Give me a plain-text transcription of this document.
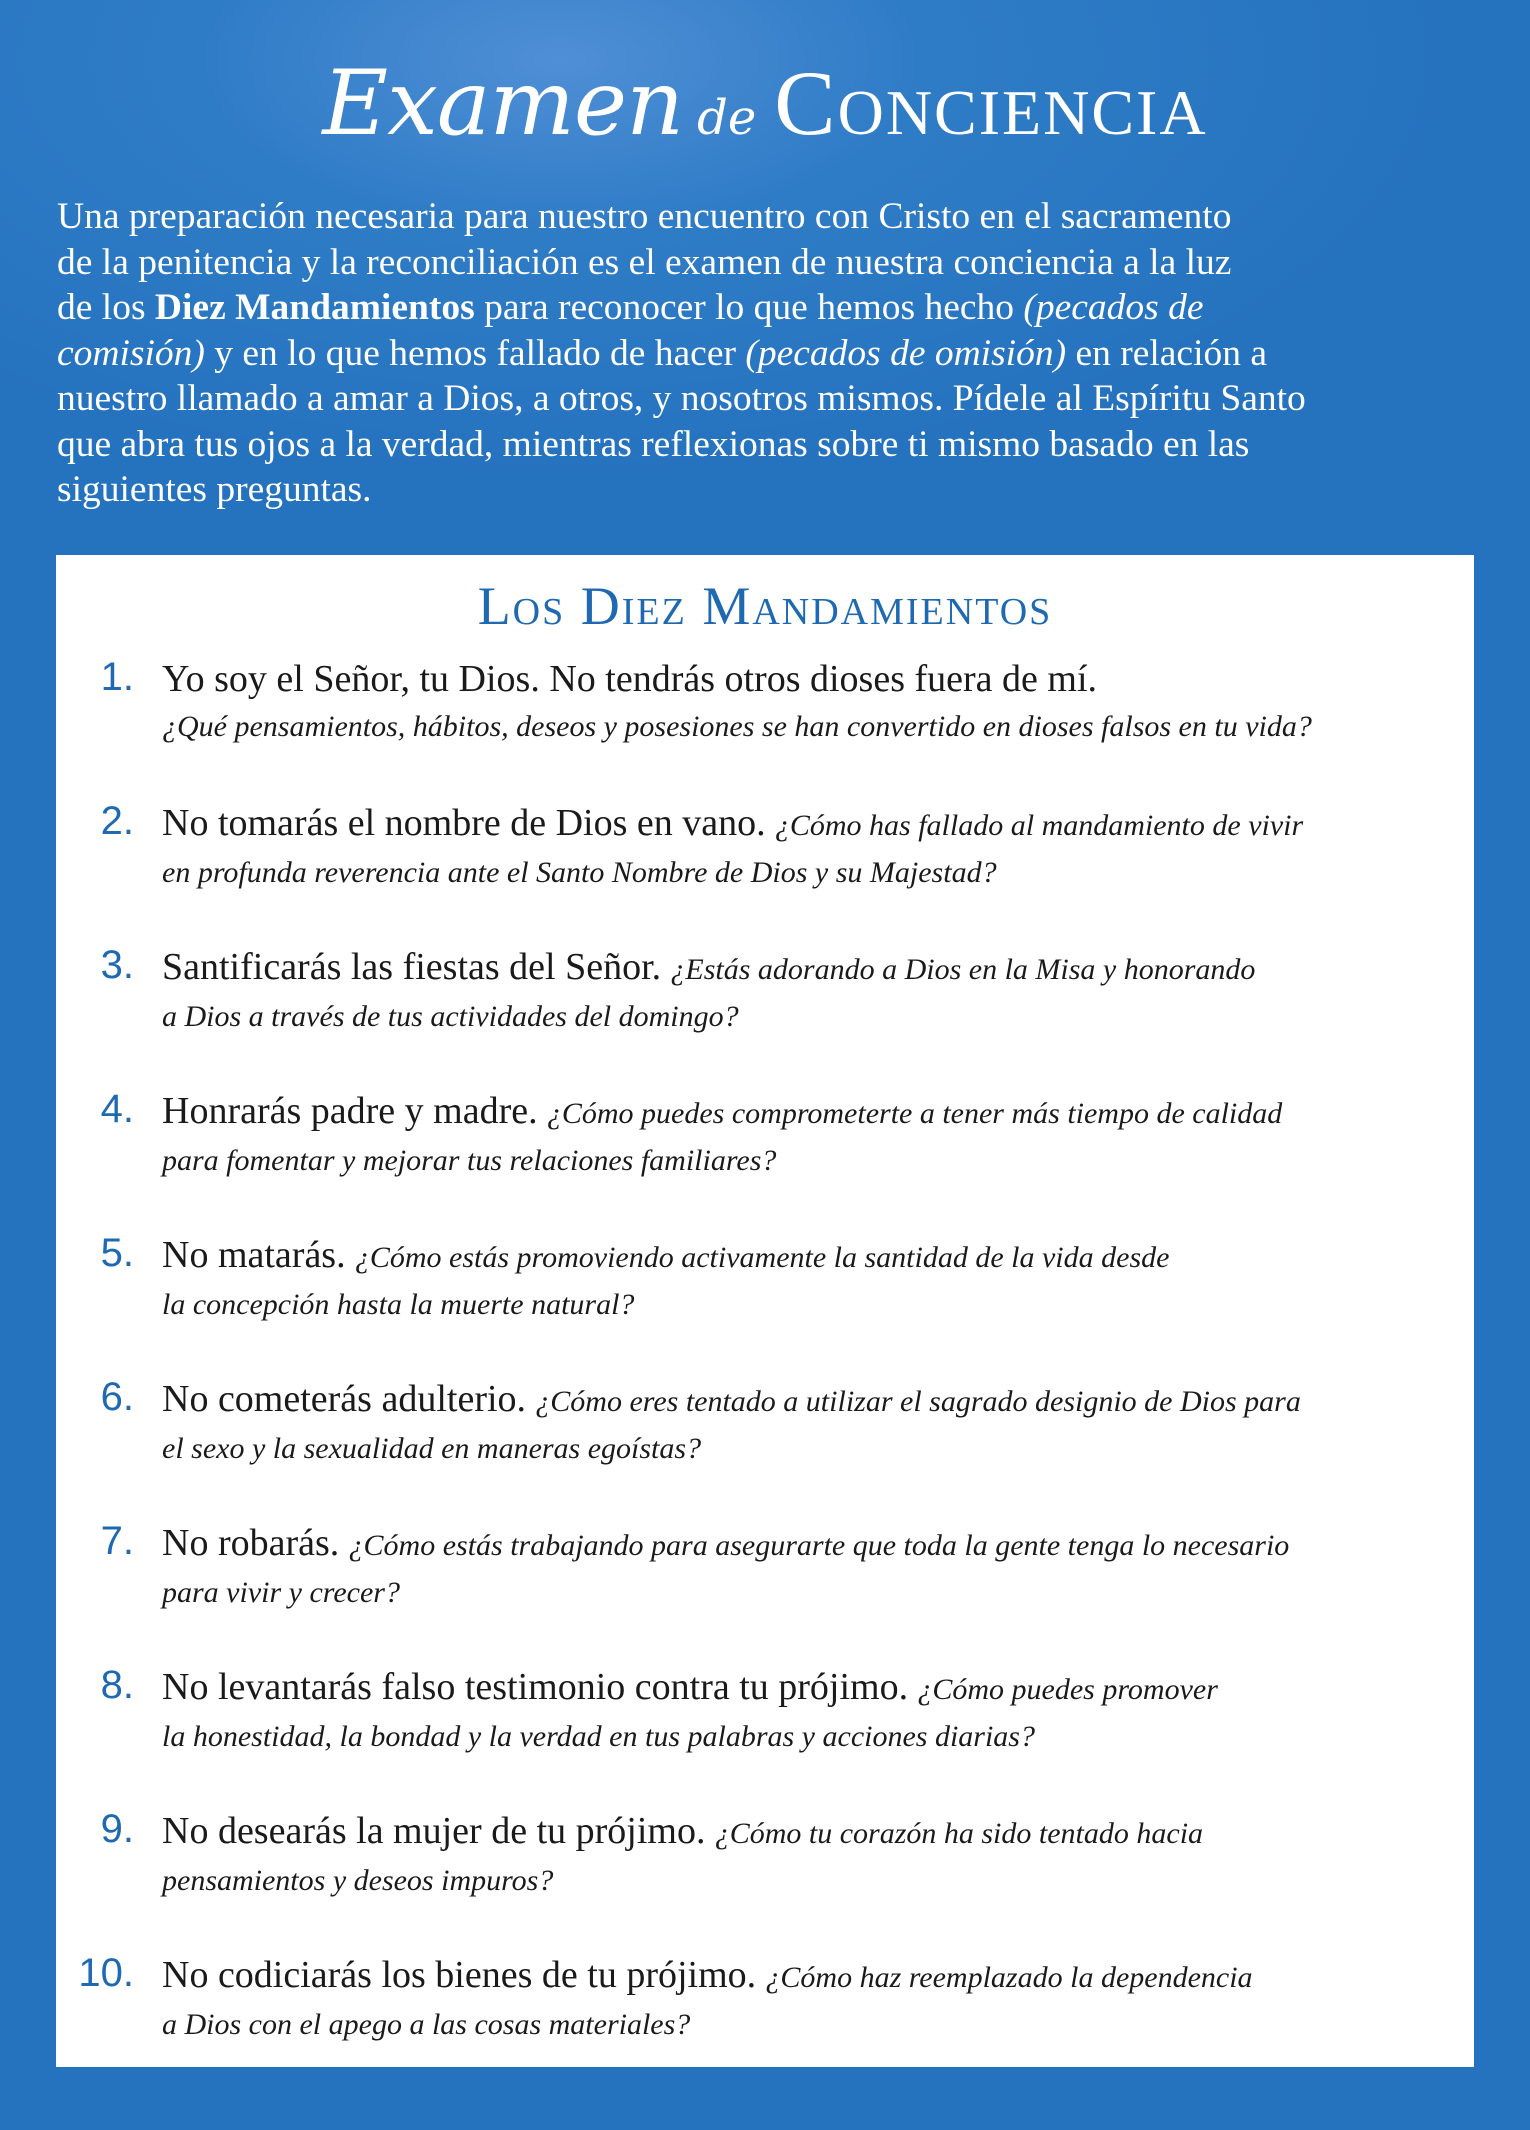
Examen de Conciencia
Una preparación necesaria para nuestro encuentro con Cristo en el sacramento
de la penitencia y la reconciliación es el examen de nuestra conciencia a la luz
de los Diez Mandamientos para reconocer lo que hemos hecho (pecados de
comisión) y en lo que hemos fallado de hacer (pecados de omisión) en relación a
nuestro llamado a amar a Dios, a otros, y nosotros mismos. Pídele al Espíritu Santo
que abra tus ojos a la verdad, mientras reflexionas sobre ti mismo basado en las
siguientes preguntas.
Los Diez Mandamientos
1. Yo soy el Señor, tu Dios. No tendrás otros dioses fuera de mí.
¿Qué pensamientos, hábitos, deseos y posesiones se han convertido en dioses falsos en tu vida?
2. No tomarás el nombre de Dios en vano. ¿Cómo has fallado al mandamiento de vivir
en profunda reverencia ante el Santo Nombre de Dios y su Majestad?
3. Santificarás las fiestas del Señor. ¿Estás adorando a Dios en la Misa y honorando
a Dios a través de tus actividades del domingo?
4. Honrarás padre y madre. ¿Cómo puedes comprometerte a tener más tiempo de calidad
para fomentar y mejorar tus relaciones familiares?
5. No matarás. ¿Cómo estás promoviendo activamente la santidad de la vida desde
la concepción hasta la muerte natural?
6. No cometerás adulterio. ¿Cómo eres tentado a utilizar el sagrado designio de Dios para
el sexo y la sexualidad en maneras egoístas?
7. No robarás. ¿Cómo estás trabajando para asegurarte que toda la gente tenga lo necesario
para vivir y crecer?
8. No levantarás falso testimonio contra tu prójimo. ¿Cómo puedes promover
la honestidad, la bondad y la verdad en tus palabras y acciones diarias?
9. No desearás la mujer de tu prójimo. ¿Cómo tu corazón ha sido tentado hacia
pensamientos y deseos impuros?
10. No codiciarás los bienes de tu prójimo. ¿Cómo haz reemplazado la dependencia
a Dios con el apego a las cosas materiales?
